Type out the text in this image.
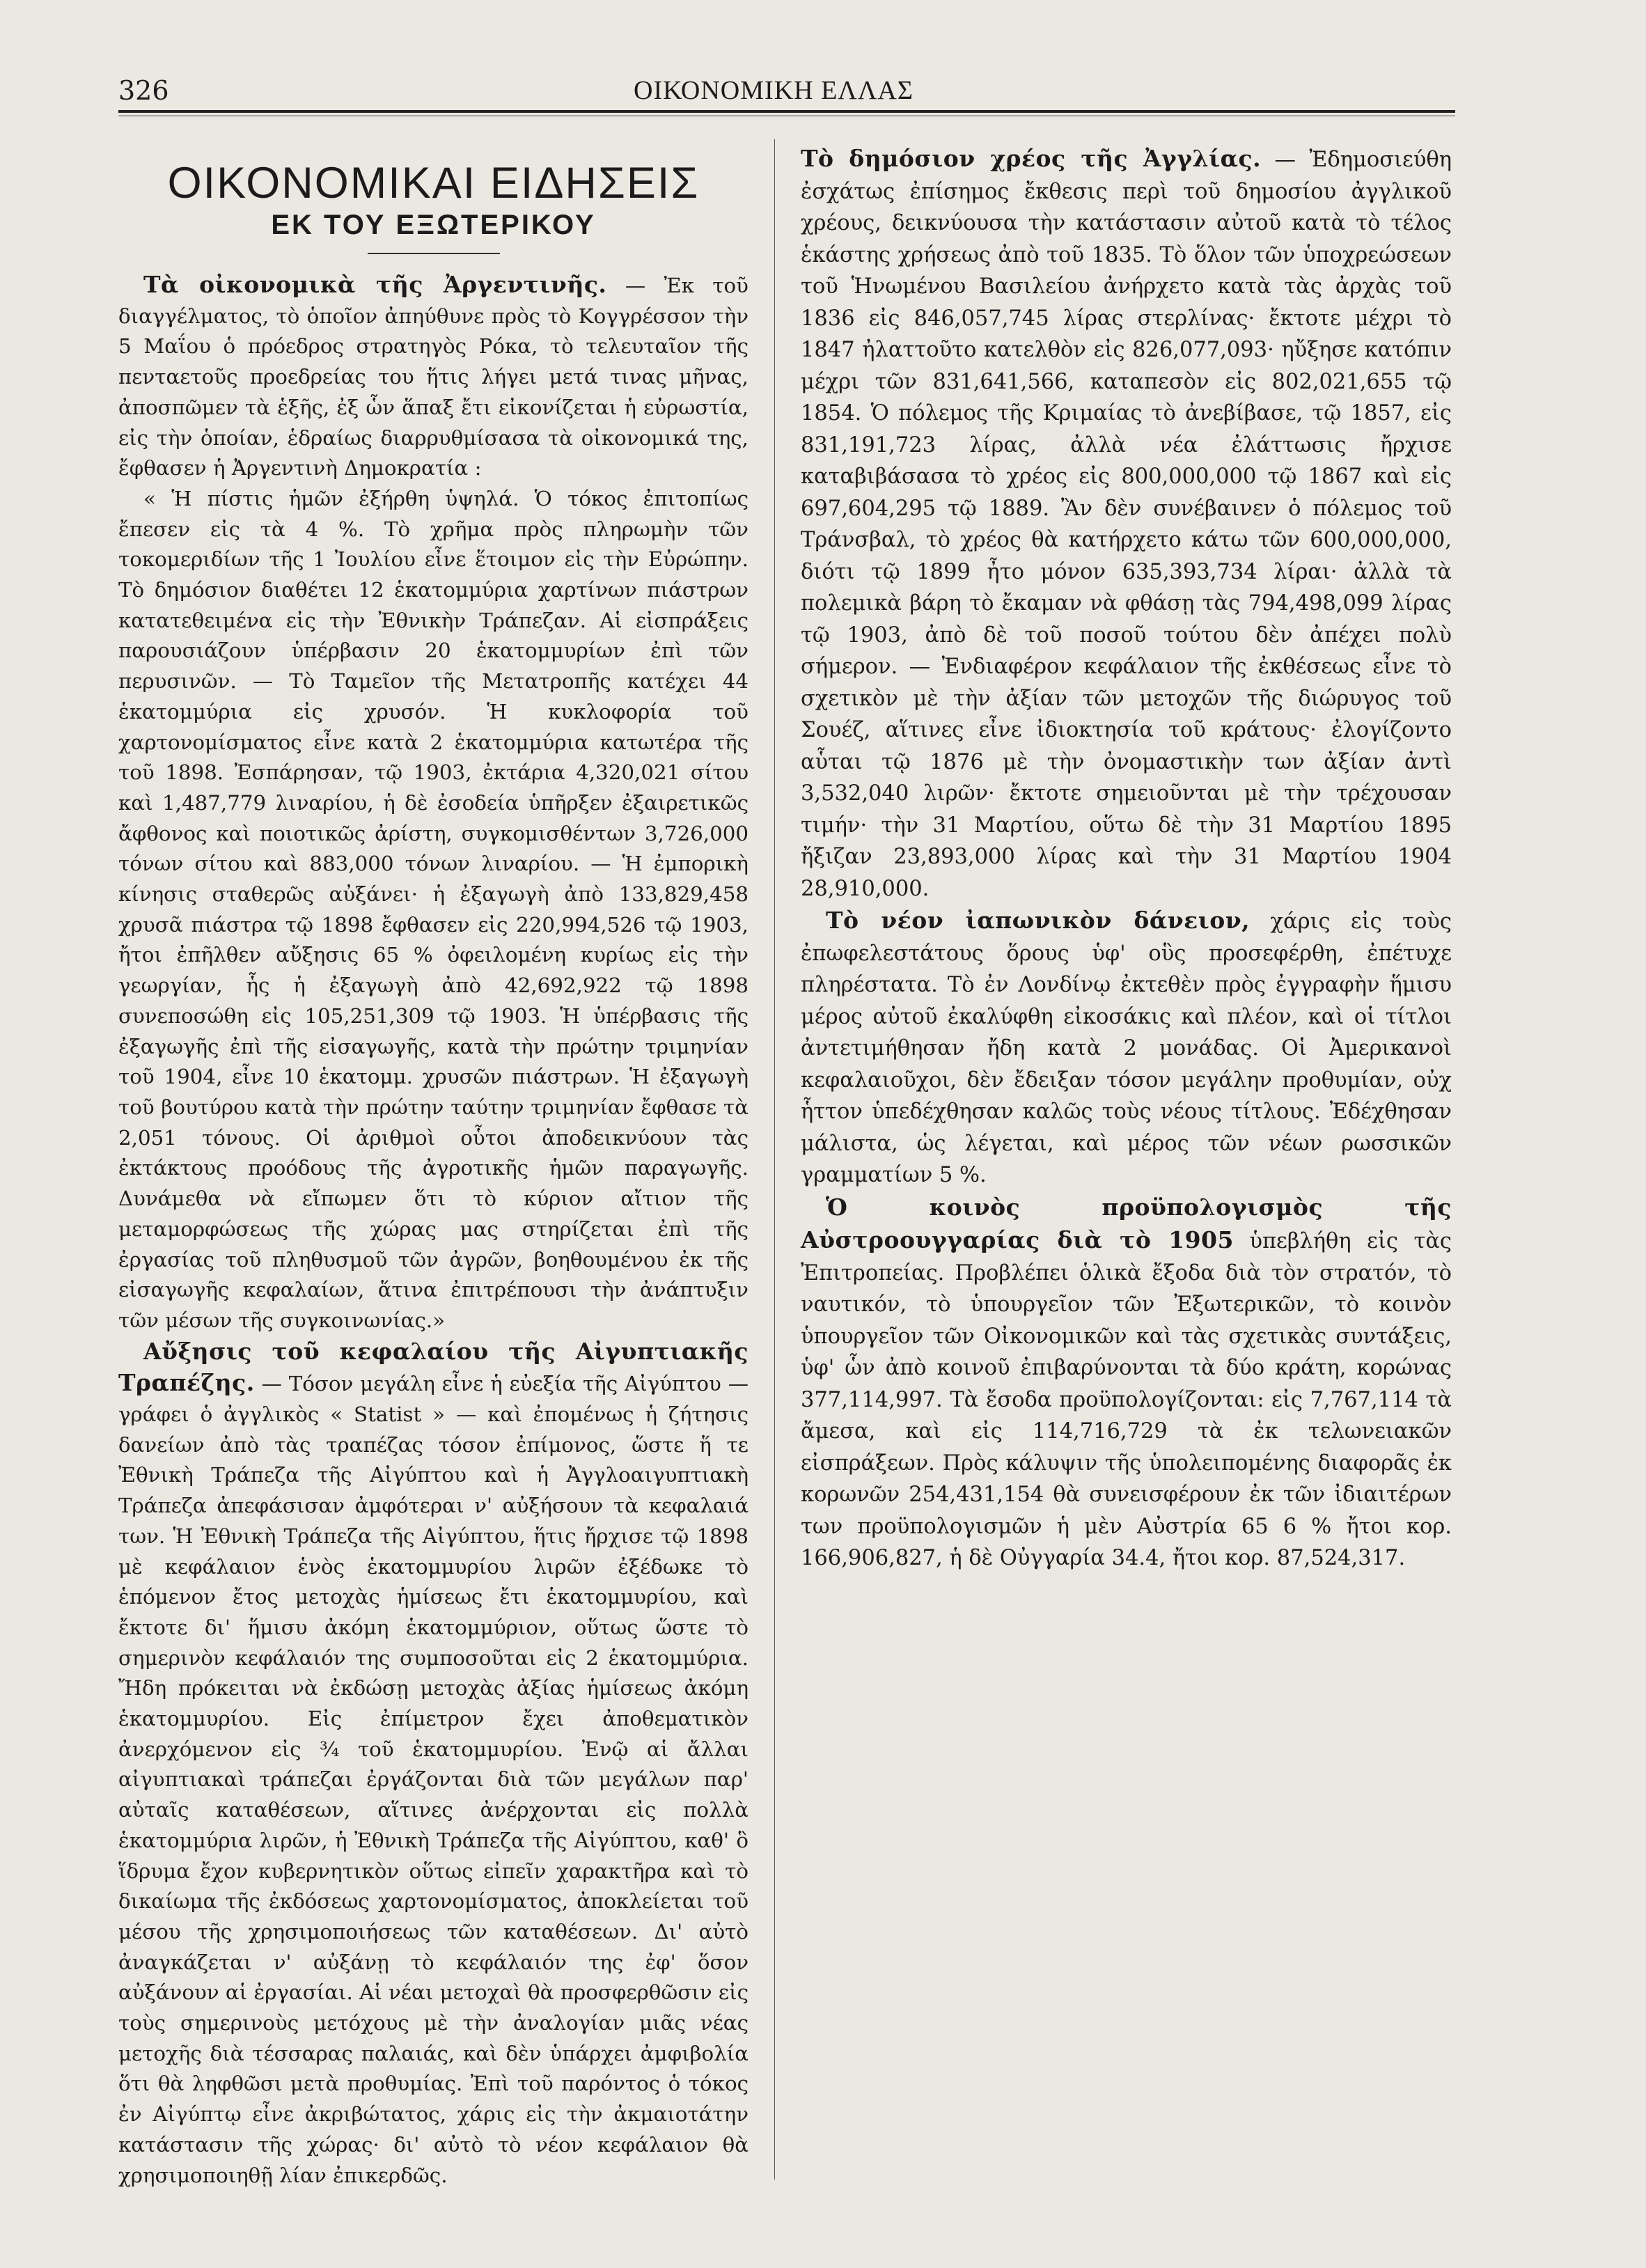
326	ΟΙΚΟΝΟΜΙΚΗ ΕΛΛΑΣ
ΟΙΚΟΝΟΜΙΚΑΙ ΕΙΔΗΣΕΙΣ
ΕΚ ΤΟΥ ΕΞΩΤΕΡΙΚΟΥ

Τὰ οἰκονομικὰ τῆς Ἀργεντινῆς. — Ἐκ τοῦ διαγγέλματος, τὸ ὁποῖον ἀπηύθυνε πρὸς τὸ Κογγρέσσον τὴν 5 Μαΐου ὁ πρόεδρος στρατηγὸς Ρόκα, τὸ τελευταῖον τῆς πενταετοῦς προεδρείας του ἥτις λήγει μετά τινας μῆνας, ἀποσπῶμεν τὰ ἑξῆς, ἐξ ὧν ἅπαξ ἔτι εἰκονίζεται ἡ εὐρωστία, εἰς τὴν ὁποίαν, ἑδραίως διαρρυθμίσασα τὰ οἰκονομικά της, ἔφθασεν ἡ Ἀργεντινὴ Δημοκρατία :

« Ἡ πίστις ἡμῶν ἐξήρθη ὑψηλά. Ὁ τόκος ἐπιτοπίως ἔπεσεν εἰς τὰ 4 %. Τὸ χρῆμα πρὸς πληρωμὴν τῶν τοκομεριδίων τῆς 1 Ἰουλίου εἶνε ἕτοιμον εἰς τὴν Εὐρώπην. Τὸ δημόσιον διαθέτει 12 ἑκατομμύρια χαρτίνων πιάστρων κατατεθειμένα εἰς τὴν Ἐθνικὴν Τράπεζαν. Αἱ εἰσπράξεις παρουσιάζουν ὑπέρβασιν 20 ἑκατομμυρίων ἐπὶ τῶν περυσινῶν. — Τὸ Ταμεῖον τῆς Μετατροπῆς κατέχει 44 ἑκατομμύρια εἰς χρυσόν. Ἡ κυκλοφορία τοῦ χαρτονομίσματος εἶνε κατὰ 2 ἑκατομμύρια κατωτέρα τῆς τοῦ 1898. Ἐσπάρησαν, τῷ 1903, ἐκτάρια 4,320,021 σίτου καὶ 1,487,779 λιναρίου, ἡ δὲ ἐσοδεία ὑπῆρξεν ἐξαιρετικῶς ἄφθονος καὶ ποιοτικῶς ἀρίστη, συγκομισθέντων 3,726,000 τόνων σίτου καὶ 883,000 τόνων λιναρίου. — Ἡ ἐμπορικὴ κίνησις σταθερῶς αὐξάνει· ἡ ἐξαγωγὴ ἀπὸ 133,829,458 χρυσᾶ πιάστρα τῷ 1898 ἔφθασεν εἰς 220,994,526 τῷ 1903, ἤτοι ἐπῆλθεν αὔξησις 65 % ὀφειλομένη κυρίως εἰς τὴν γεωργίαν, ἧς ἡ ἐξαγωγὴ ἀπὸ 42,692,922 τῷ 1898 συνεποσώθη εἰς 105,251,309 τῷ 1903. Ἡ ὑπέρβασις τῆς ἐξαγωγῆς ἐπὶ τῆς εἰσαγωγῆς, κατὰ τὴν πρώτην τριμηνίαν τοῦ 1904, εἶνε 10 ἑκατομμ. χρυσῶν πιάστρων. Ἡ ἐξαγωγὴ τοῦ βουτύρου κατὰ τὴν πρώτην ταύτην τριμηνίαν ἔφθασε τὰ 2,051 τόνους. Οἱ ἀριθμοὶ οὗτοι ἀποδεικνύουν τὰς ἐκτάκτους προόδους τῆς ἀγροτικῆς ἡμῶν παραγωγῆς. Δυνάμεθα νὰ εἴπωμεν ὅτι τὸ κύριον αἴτιον τῆς μεταμορφώσεως τῆς χώρας μας στηρίζεται ἐπὶ τῆς ἐργασίας τοῦ πληθυσμοῦ τῶν ἀγρῶν, βοηθουμένου ἐκ τῆς εἰσαγωγῆς κεφαλαίων, ἅτινα ἐπιτρέπουσι τὴν ἀνάπτυξιν τῶν μέσων τῆς συγκοινωνίας.»

Αὔξησις τοῦ κεφαλαίου τῆς Αἰγυπτιακῆς Τραπέζης. — Τόσον μεγάλη εἶνε ἡ εὐεξία τῆς Αἰγύπτου — γράφει ὁ ἀγγλικὸς « Statist » — καὶ ἐπομένως ἡ ζήτησις δανείων ἀπὸ τὰς τραπέζας τόσον ἐπίμονος, ὥστε ἥ τε Ἐθνικὴ Τράπεζα τῆς Αἰγύπτου καὶ ἡ Ἀγγλοαιγυπτιακὴ Τράπεζα ἀπεφάσισαν ἀμφότεραι ν' αὐξήσουν τὰ κεφαλαιά των. Ἡ Ἐθνικὴ Τράπεζα τῆς Αἰγύπτου, ἥτις ἤρχισε τῷ 1898 μὲ κεφάλαιον ἑνὸς ἑκατομμυρίου λιρῶν ἐξέδωκε τὸ ἑπόμενον ἔτος μετοχὰς ἡμίσεως ἔτι ἑκατομμυρίου, καὶ ἔκτοτε δι' ἥμισυ ἀκόμη ἑκατομμύριον, οὕτως ὥστε τὸ σημερινὸν κεφάλαιόν της συμποσοῦται εἰς 2 ἑκατομμύρια. Ἤδη πρόκειται νὰ ἐκδώσῃ μετοχὰς ἀξίας ἡμίσεως ἀκόμη ἑκατομμυρίου. Εἰς ἐπίμετρον ἔχει ἀποθεματικὸν ἀνερχόμενον εἰς ¾ τοῦ ἑκατομμυρίου. Ἐνῷ αἱ ἄλλαι αἰγυπτιακαὶ τράπεζαι ἐργάζονται διὰ τῶν μεγάλων παρ' αὐταῖς καταθέσεων, αἵτινες ἀνέρχονται εἰς πολλὰ ἑκατομμύρια λιρῶν, ἡ Ἐθνικὴ Τράπεζα τῆς Αἰγύπτου, καθ' ὃ ἵδρυμα ἔχον κυβερνητικὸν οὕτως εἰπεῖν χαρακτῆρα καὶ τὸ δικαίωμα τῆς ἐκδόσεως χαρτονομίσματος, ἀποκλείεται τοῦ μέσου τῆς χρησιμοποιήσεως τῶν καταθέσεων. Δι' αὐτὸ ἀναγκάζεται ν' αὐξάνῃ τὸ κεφάλαιόν της ἐφ' ὅσον αὐξάνουν αἱ ἐργασίαι. Αἱ νέαι μετοχαὶ θὰ προσφερθῶσιν εἰς τοὺς σημερινοὺς μετόχους μὲ τὴν ἀναλογίαν μιᾶς νέας μετοχῆς διὰ τέσσαρας παλαιάς, καὶ δὲν ὑπάρχει ἀμφιβολία ὅτι θὰ ληφθῶσι μετὰ προθυμίας. Ἐπὶ τοῦ παρόντος ὁ τόκος ἐν Αἰγύπτῳ εἶνε ἀκριβώτατος, χάρις εἰς τὴν ἀκμαιοτάτην κατάστασιν τῆς χώρας· δι' αὐτὸ τὸ νέον κεφάλαιον θὰ χρησιμοποιηθῇ λίαν ἐπικερδῶς.

Τὸ δημόσιον χρέος τῆς Ἀγγλίας. — Ἐδημοσιεύθη ἐσχάτως ἐπίσημος ἔκθεσις περὶ τοῦ δημοσίου ἀγγλικοῦ χρέους, δεικνύουσα τὴν κατάστασιν αὐτοῦ κατὰ τὸ τέλος ἑκάστης χρήσεως ἀπὸ τοῦ 1835. Τὸ ὅλον τῶν ὑποχρεώσεων τοῦ Ἡνωμένου Βασιλείου ἀνήρχετο κατὰ τὰς ἀρχὰς τοῦ 1836 εἰς 846,057,745 λίρας στερλίνας· ἔκτοτε μέχρι τὸ 1847 ἠλαττοῦτο κατελθὸν εἰς 826,077,093· ηὔξησε κατόπιν μέχρι τῶν 831,641,566, καταπεσὸν εἰς 802,021,655 τῷ 1854. Ὁ πόλεμος τῆς Κριμαίας τὸ ἀνεβίβασε, τῷ 1857, εἰς 831,191,723 λίρας, ἀλλὰ νέα ἐλάττωσις ἤρχισε καταβιβάσασα τὸ χρέος εἰς 800,000,000 τῷ 1867 καὶ εἰς 697,604,295 τῷ 1889. Ἂν δὲν συνέβαινεν ὁ πόλεμος τοῦ Τράνσβαλ, τὸ χρέος θὰ κατήρχετο κάτω τῶν 600,000,000, διότι τῷ 1899 ἦτο μόνον 635,393,734 λίραι· ἀλλὰ τὰ πολεμικὰ βάρη τὸ ἔκαμαν νὰ φθάσῃ τὰς 794,498,099 λίρας τῷ 1903, ἀπὸ δὲ τοῦ ποσοῦ τούτου δὲν ἀπέχει πολὺ σήμερον. — Ἐνδιαφέρον κεφάλαιον τῆς ἐκθέσεως εἶνε τὸ σχετικὸν μὲ τὴν ἀξίαν τῶν μετοχῶν τῆς διώρυγος τοῦ Σουέζ, αἵτινες εἶνε ἰδιοκτησία τοῦ κράτους· ἐλογίζοντο αὗται τῷ 1876 μὲ τὴν ὀνομαστικὴν των ἀξίαν ἀντὶ 3,532,040 λιρῶν· ἔκτοτε σημειοῦνται μὲ τὴν τρέχουσαν τιμήν· τὴν 31 Μαρτίου, οὕτω δὲ τὴν 31 Μαρτίου 1895 ἤξιζαν 23,893,000 λίρας καὶ τὴν 31 Μαρτίου 1904 28,910,000.

Τὸ νέον ἰαπωνικὸν δάνειον, χάρις εἰς τοὺς ἐπωφελεστάτους ὅρους ὑφ' οὓς προσεφέρθη, ἐπέτυχε πληρέστατα. Τὸ ἐν Λονδίνῳ ἐκτεθὲν πρὸς ἐγγραφὴν ἥμισυ μέρος αὐτοῦ ἐκαλύφθη εἰκοσάκις καὶ πλέον, καὶ οἱ τίτλοι ἀντετιμήθησαν ἤδη κατὰ 2 μονάδας. Οἱ Ἀμερικανοὶ κεφαλαιοῦχοι, δὲν ἔδειξαν τόσον μεγάλην προθυμίαν, οὐχ ἧττον ὑπεδέχθησαν καλῶς τοὺς νέους τίτλους. Ἐδέχθησαν μάλιστα, ὡς λέγεται, καὶ μέρος τῶν νέων ρωσσικῶν γραμματίων 5 %.

Ὁ κοινὸς προϋπολογισμὸς τῆς Αὐστροουγγαρίας διὰ τὸ 1905 ὑπεβλήθη εἰς τὰς Ἐπιτροπείας. Προβλέπει ὁλικὰ ἔξοδα διὰ τὸν στρατόν, τὸ ναυτικόν, τὸ ὑπουργεῖον τῶν Ἐξωτερικῶν, τὸ κοινὸν ὑπουργεῖον τῶν Οἰκονομικῶν καὶ τὰς σχετικὰς συντάξεις, ὑφ' ὧν ἀπὸ κοινοῦ ἐπιβαρύνονται τὰ δύο κράτη, κορώνας 377,114,997. Τὰ ἔσοδα προϋπολογίζονται: εἰς 7,767,114 τὰ ἄμεσα, καὶ εἰς 114,716,729 τὰ ἐκ τελωνειακῶν εἰσπράξεων. Πρὸς κάλυψιν τῆς ὑπολειπομένης διαφορᾶς ἐκ κορωνῶν 254,431,154 θὰ συνεισφέρουν ἐκ τῶν ἰδιαιτέρων των προϋπολογισμῶν ἡ μὲν Αὐστρία 65 6 % ἤτοι κορ. 166,906,827, ἡ δὲ Οὐγγαρία 34.4, ἤτοι κορ. 87,524,317.
